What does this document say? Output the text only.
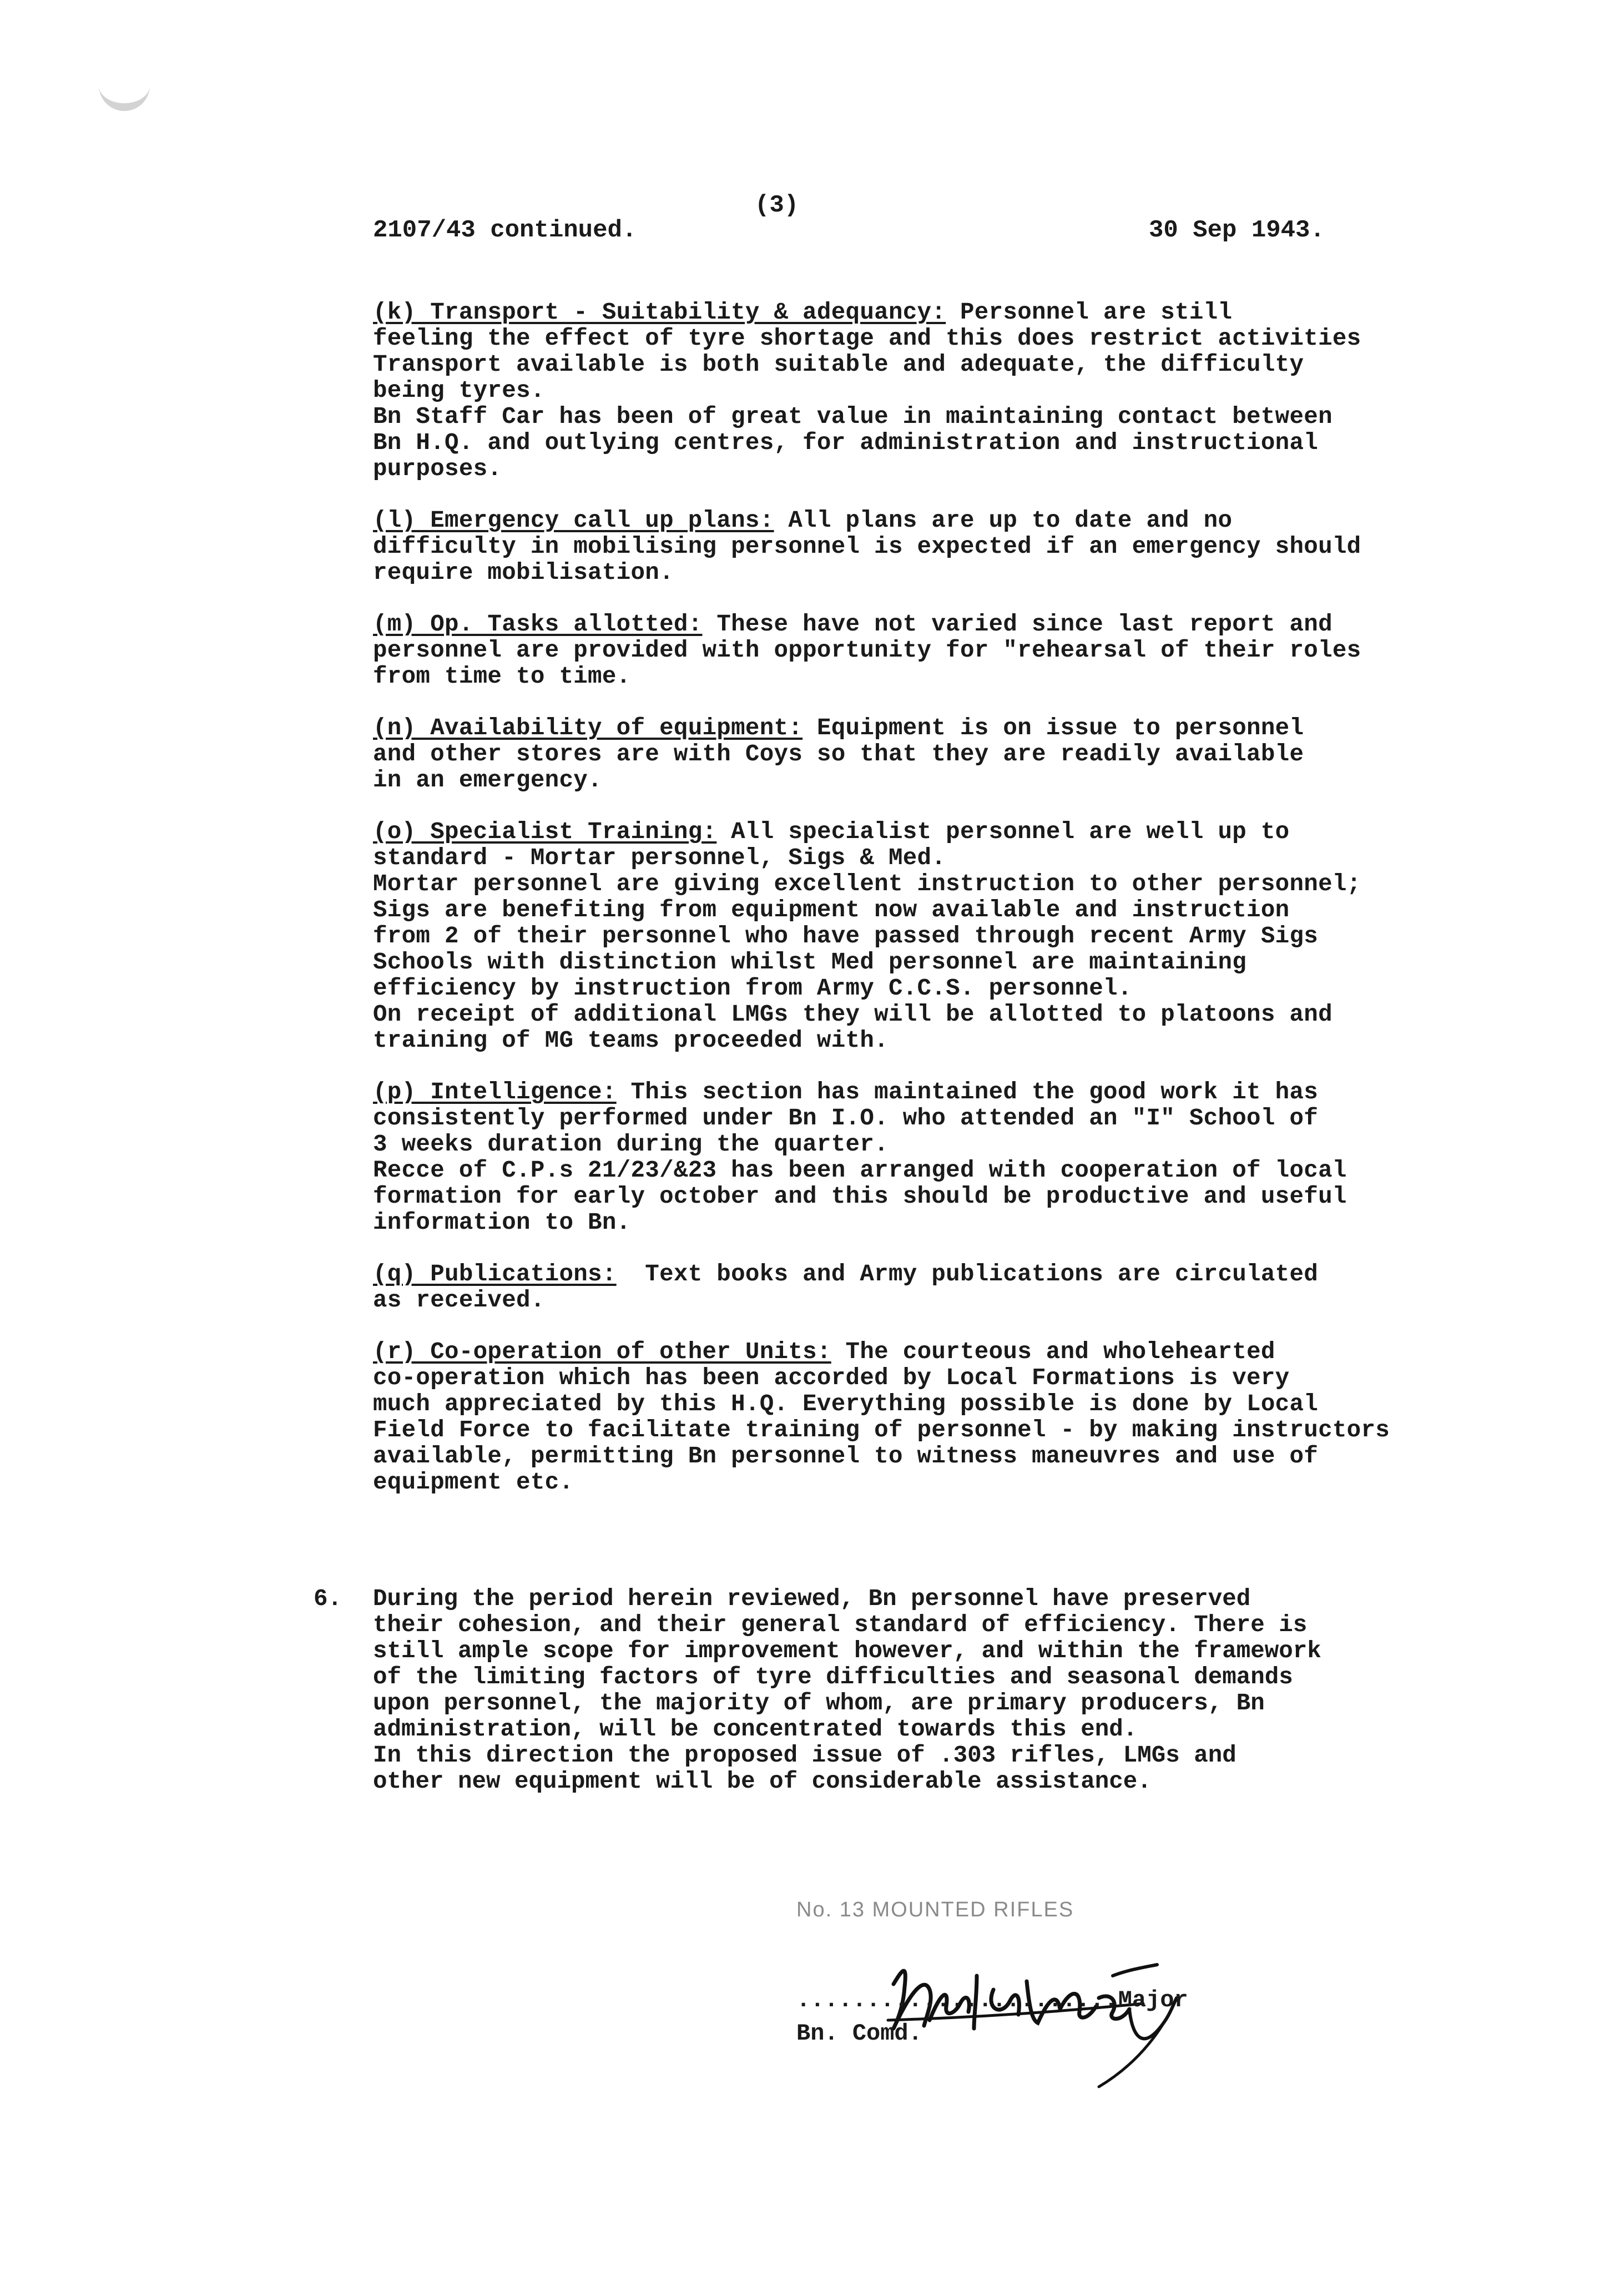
2107/43 continued.
(3)
30 Sep 1943.
(k) Transport - Suitability & adequancy: Personnel are still
feeling the effect of tyre shortage and this does restrict activities
Transport available is both suitable and adequate, the difficulty
being tyres.
Bn Staff Car has been of great value in maintaining contact between
Bn H.Q. and outlying centres, for administration and instructional
purposes.
(l) Emergency call up plans: All plans are up to date and no
difficulty in mobilising personnel is expected if an emergency should
require mobilisation.
(m) Op. Tasks allotted: These have not varied since last report and
personnel are provided with opportunity for "rehearsal of their roles
from time to time.
(n) Availability of equipment: Equipment is on issue to personnel
and other stores are with Coys so that they are readily available
in an emergency.
(o) Specialist Training: All specialist personnel are well up to
standard - Mortar personnel, Sigs & Med.
Mortar personnel are giving excellent instruction to other personnel;
Sigs are benefiting from equipment now available and instruction
from 2 of their personnel who have passed through recent Army Sigs
Schools with distinction whilst Med personnel are maintaining
efficiency by instruction from Army C.C.S. personnel.
On receipt of additional LMGs they will be allotted to platoons and
training of MG teams proceeded with.
(p) Intelligence: This section has maintained the good work it has
consistently performed under Bn I.O. who attended an "I" School of
3 weeks duration during the quarter.
Recce of C.P.s 21/23/&23 has been arranged with cooperation of local
formation for early october and this should be productive and useful
information to Bn.
(q) Publications: Text books and Army publications are circulated
as received.
(r) Co-operation of other Units: The courteous and wholehearted
co-operation which has been accorded by Local Formations is very
much appreciated by this H.Q. Everything possible is done by Local
Field Force to facilitate training of personnel - by making instructors
available, permitting Bn personnel to witness maneuvres and use of
equipment etc.
6. During the period herein reviewed, Bn personnel have preserved
their cohesion, and their general standard of efficiency. There is
still ample scope for improvement however, and within the framework
of the limiting factors of tyre difficulties and seasonal demands
upon personnel, the majority of whom, are primary producers, Bn
administration, will be concentrated towards this end.
In this direction the proposed issue of .303 rifles, LMGs and
other new equipment will be of considerable assistance.
No. 13 MOUNTED RIFLES
.......................Major
Bn. Comd.
